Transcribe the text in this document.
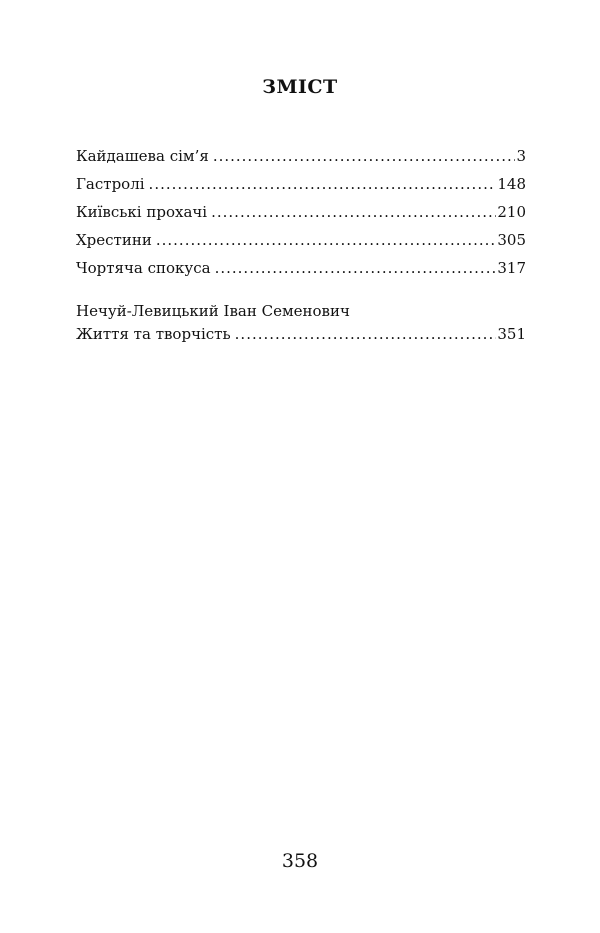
ЗМІСТ
Кайдашева сім’я .....	3
Гастролі .....	148
Київські прохачі .....	210
Хрестини .....	305
Чортяча спокуса .....	317
Нечуй-Левицький Іван Семенович
Життя та творчість .....	351
358
